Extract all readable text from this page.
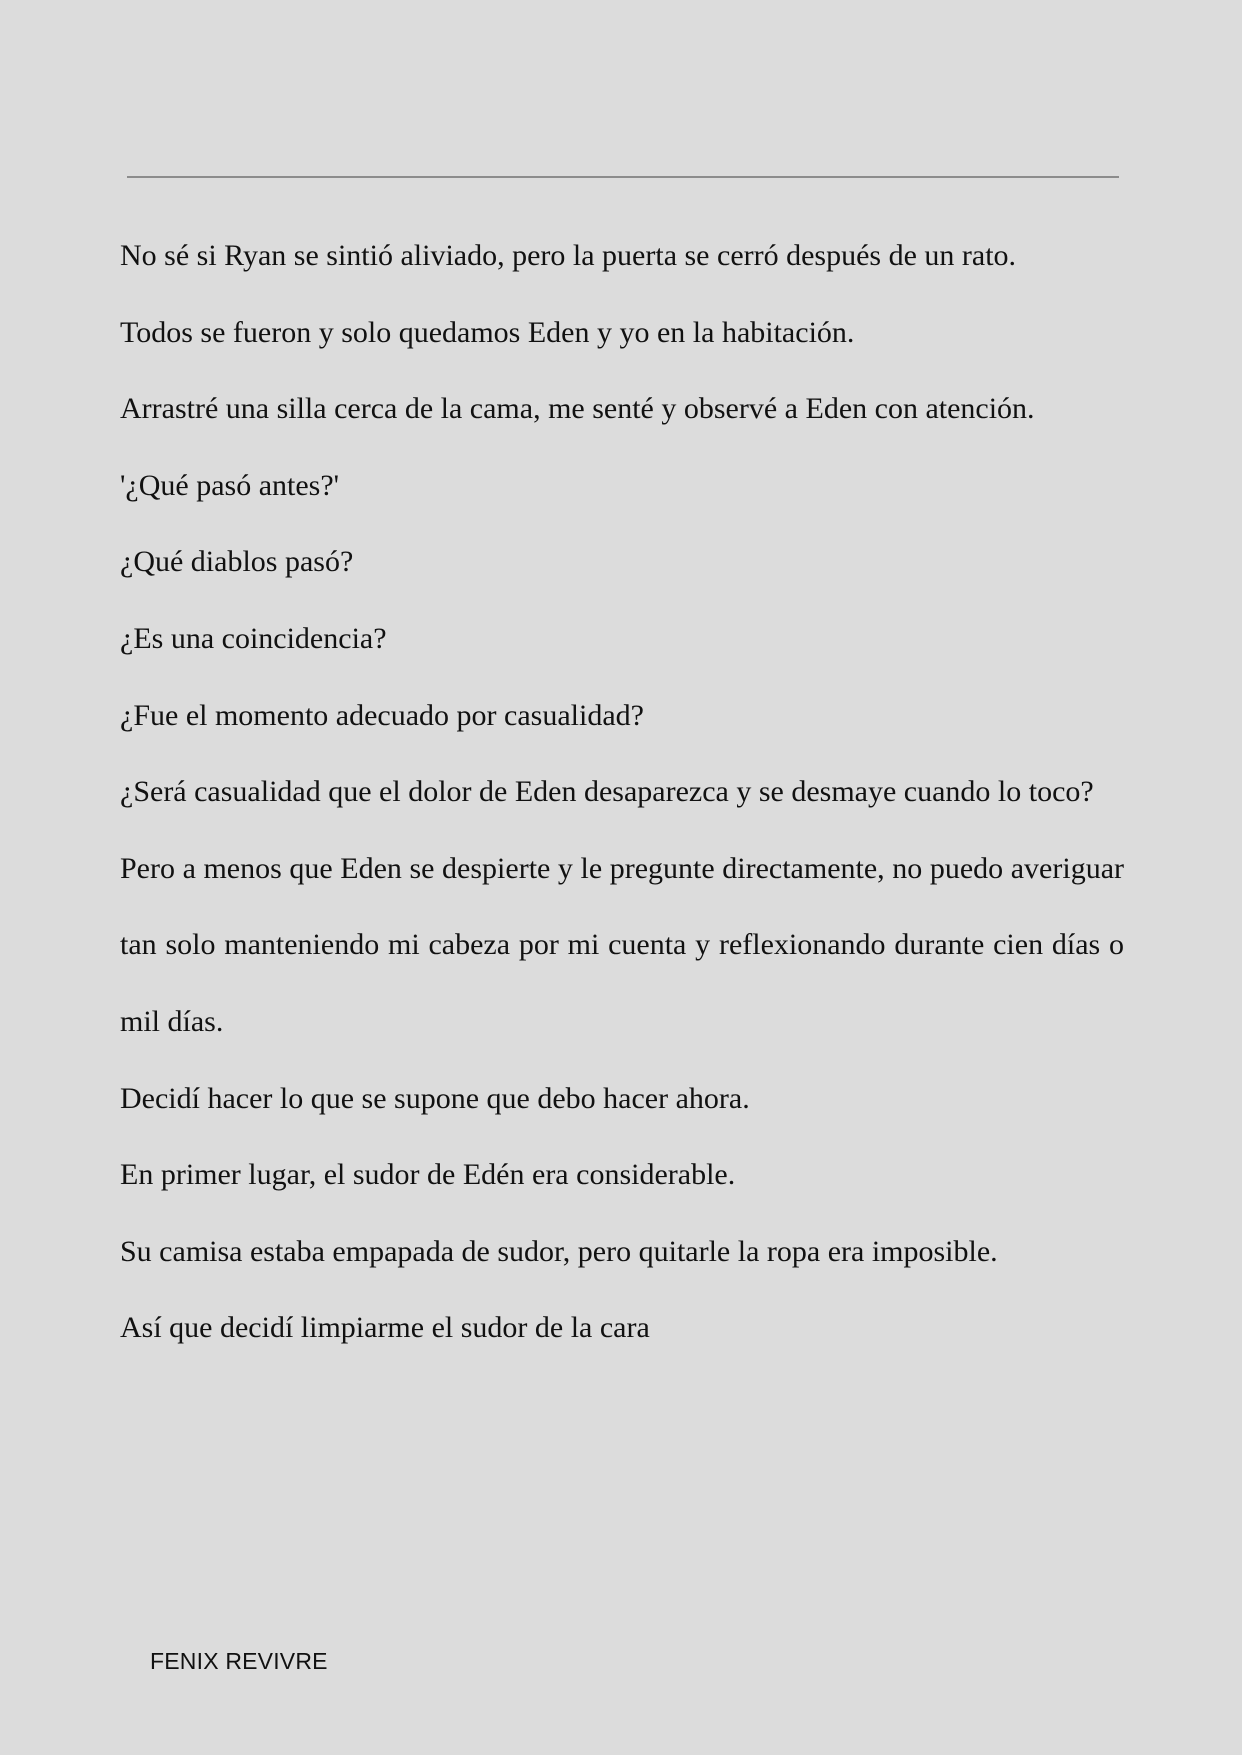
No sé si Ryan se sintió aliviado, pero la puerta se cerró después de un rato.

Todos se fueron y solo quedamos Eden y yo en la habitación.

Arrastré una silla cerca de la cama, me senté y observé a Eden con atención.

'¿Qué pasó antes?'

¿Qué diablos pasó?

¿Es una coincidencia?

¿Fue el momento adecuado por casualidad?

¿Será casualidad que el dolor de Eden desaparezca y se desmaye cuando lo toco?

Pero a menos que Eden se despierte y le pregunte directamente, no puedo averiguar tan solo manteniendo mi cabeza por mi cuenta y reflexionando durante cien días o mil días.

Decidí hacer lo que se supone que debo hacer ahora.

En primer lugar, el sudor de Edén era considerable.

Su camisa estaba empapada de sudor, pero quitarle la ropa era imposible.

Así que decidí limpiarme el sudor de la cara

FENIX REVIVRE
